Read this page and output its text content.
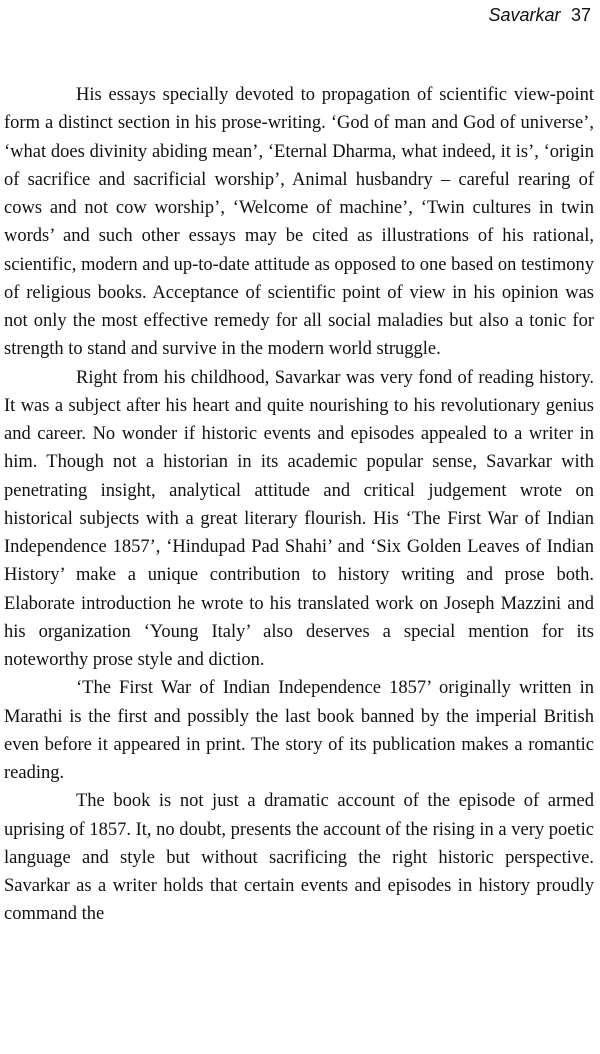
Savarkar 37

His essays specially devoted to propagation of scientific view-point form a distinct section in his prose-writing. ‘God of man and God of universe’, ‘what does divinity abiding mean’, ‘Eternal Dharma, what indeed, it is’, ‘origin of sacrifice and sacrificial worship’, Animal husbandry – careful rearing of cows and not cow worship’, ‘Welcome of machine’, ‘Twin cultures in twin words’ and such other essays may be cited as illustrations of his rational, scientific, modern and up-to-date attitude as opposed to one based on testimony of religious books. Acceptance of scientific point of view in his opinion was not only the most effective remedy for all social maladies but also a tonic for strength to stand and survive in the modern world struggle.

Right from his childhood, Savarkar was very fond of reading history. It was a subject after his heart and quite nourishing to his revolutionary genius and career. No wonder if historic events and episodes appealed to a writer in him. Though not a historian in its academic popular sense, Savarkar with penetrating insight, analytical attitude and critical judgement wrote on historical subjects with a great literary flourish. His ‘The First War of Indian Independence 1857’, ‘Hindupad Pad Shahi’ and ‘Six Golden Leaves of Indian History’ make a unique contribution to history writing and prose both. Elaborate introduction he wrote to his translated work on Joseph Mazzini and his organization ‘Young Italy’ also deserves a special mention for its noteworthy prose style and diction.

‘The First War of Indian Independence 1857’ originally written in Marathi is the first and possibly the last book banned by the imperial British even before it appeared in print. The story of its publication makes a romantic reading.

The book is not just a dramatic account of the episode of armed uprising of 1857. It, no doubt, presents the account of the rising in a very poetic language and style but without sacrificing the right historic perspective. Savarkar as a writer holds that certain events and episodes in history proudly command the
